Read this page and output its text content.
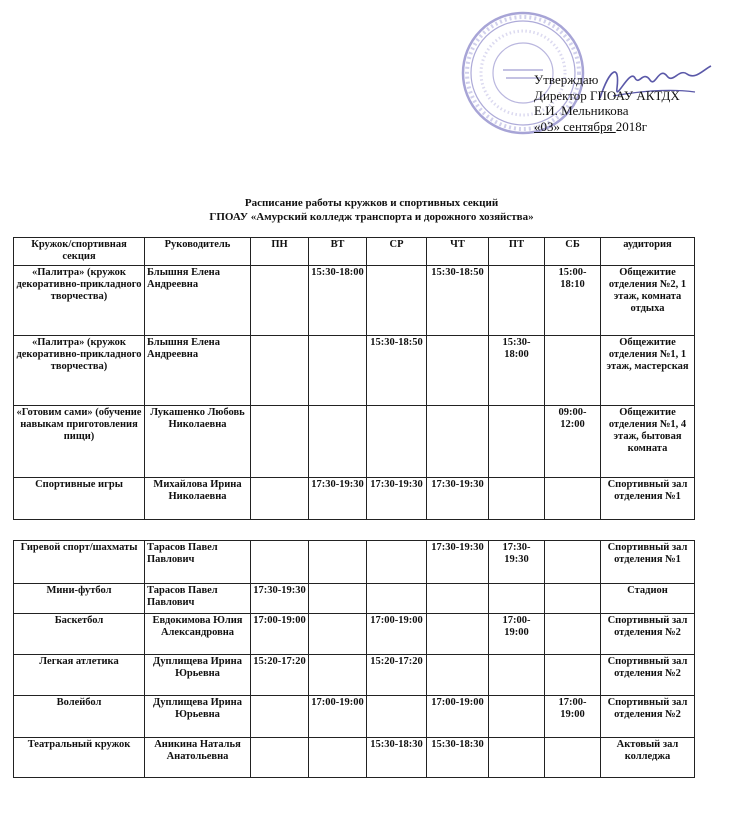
Утверждаю
Директор ГПОАУ АКТДХ
Е.И. Мельникова
«03» сентября 2018г
Расписание работы кружков и спортивных секций
ГПОАУ «Амурский колледж транспорта и дорожного хозяйства»
Кружок/спортивная секция	Руководитель	ПН	ВТ	СР	ЧТ	ПТ	СБ	аудитория
«Палитра» (кружок декоративно-прикладного творчества)	Блышня Елена Андреевна		15:30-18:00		15:30-18:50		15:00-18:10	Общежитие отделения №2, 1 этаж, комната отдыха
«Палитра» (кружок декоративно-прикладного творчества)	Блышня Елена Андреевна			15:30-18:50		15:30-18:00		Общежитие отделения №1, 1 этаж, мастерская
«Готовим сами» (обучение навыкам приготовления пищи)	Лукашенко Любовь Николаевна						09:00-12:00	Общежитие отделения №1, 4 этаж, бытовая комната
Спортивные игры	Михайлова Ирина Николаевна		17:30-19:30	17:30-19:30	17:30-19:30			Спортивный зал отделения №1
Гиревой спорт/шахматы	Тарасов Павел Павлович				17:30-19:30	17:30-19:30		Спортивный зал отделения №1
Мини-футбол	Тарасов Павел Павлович	17:30-19:30						Стадион
Баскетбол	Евдокимова Юлия Александровна	17:00-19:00		17:00-19:00		17:00-19:00		Спортивный зал отделения №2
Легкая атлетика	Дуплищева Ирина Юрьевна	15:20-17:20		15:20-17:20				Спортивный зал отделения №2
Волейбол	Дуплищева Ирина Юрьевна		17:00-19:00		17:00-19:00		17:00-19:00	Спортивный зал отделения №2
Театральный кружок	Аникина Наталья Анатольевна			15:30-18:30	15:30-18:30			Актовый зал колледжа
